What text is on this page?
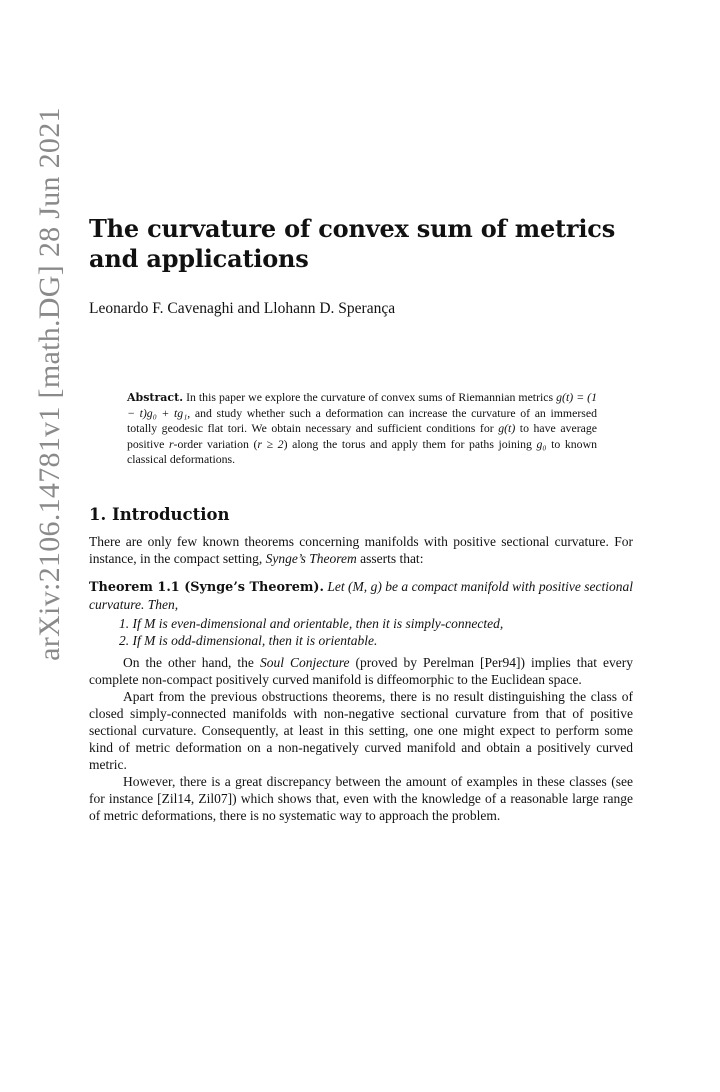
arXiv:2106.14781v1 [math.DG] 28 Jun 2021 The curvature of convex sum of metrics and applications
Leonardo F. Cavenaghi and Llohann D. Sperança
Abstract. In this paper we explore the curvature of convex sums of Riemannian metrics g(t) = (1 − t)g₀ + tg₁, and study whether such a deformation can increase the curvature of an immersed totally geodesic flat tori. We obtain necessary and sufficient conditions for g(t) to have average positive r-order variation (r ≥ 2) along the torus and apply them for paths joining g₀ to known classical deformations.
1. Introduction

There are only few known theorems concerning manifolds with positive sectional curvature. For instance, in the compact setting, Synge’s Theorem asserts that:

Theorem 1.1 (Synge’s Theorem). Let (M, g) be a compact manifold with positive sectional curvature. Then,

1. If M is even-dimensional and orientable, then it is simply-connected,
2. If M is odd-dimensional, then it is orientable.

On the other hand, the Soul Conjecture (proved by Perelman [Per94]) implies that every complete non-compact positively curved manifold is diffeomorphic to the Euclidean space.

Apart from the previous obstructions theorems, there is no result distinguishing the class of closed simply-connected manifolds with non-negative sectional curvature from that of positive sectional curvature. Consequently, at least in this setting, one one might expect to perform some kind of metric deformation on a non-negatively curved manifold and obtain a positively curved metric.

However, there is a great discrepancy between the amount of examples in these classes (see for instance [Zil14, Zil07]) which shows that, even with the knowledge of a reasonable large range of metric deformations, there is no systematic way to approach the problem.
